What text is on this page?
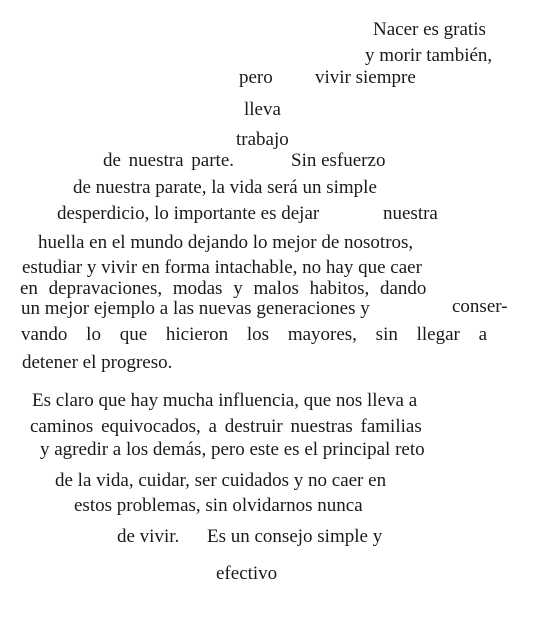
Nacer es gratis
y morir también,
pero vivir siempre
lleva
trabajo
de nuestra parte.	Sin esfuerzo
de nuestra parate, la vida será un simple
desperdicio, lo importante es dejar	nuestra
huella en el mundo dejando lo mejor de nosotros,
estudiar y vivir en forma intachable, no hay que caer
en depravaciones, modas y malos habitos, dando
un mejor ejemplo a las nuevas generaciones y	conser-
vando lo que hicieron los mayores, sin llegar a
detener el progreso.
Es claro que hay mucha influencia, que nos lleva a
caminos equivocados, a destruir nuestras familias
y agredir a los demás, pero este es el principal reto
de la vida, cuidar, ser cuidados y no caer en
estos problemas, sin olvidarnos nunca
de vivir. Es un consejo simple y
efectivo
